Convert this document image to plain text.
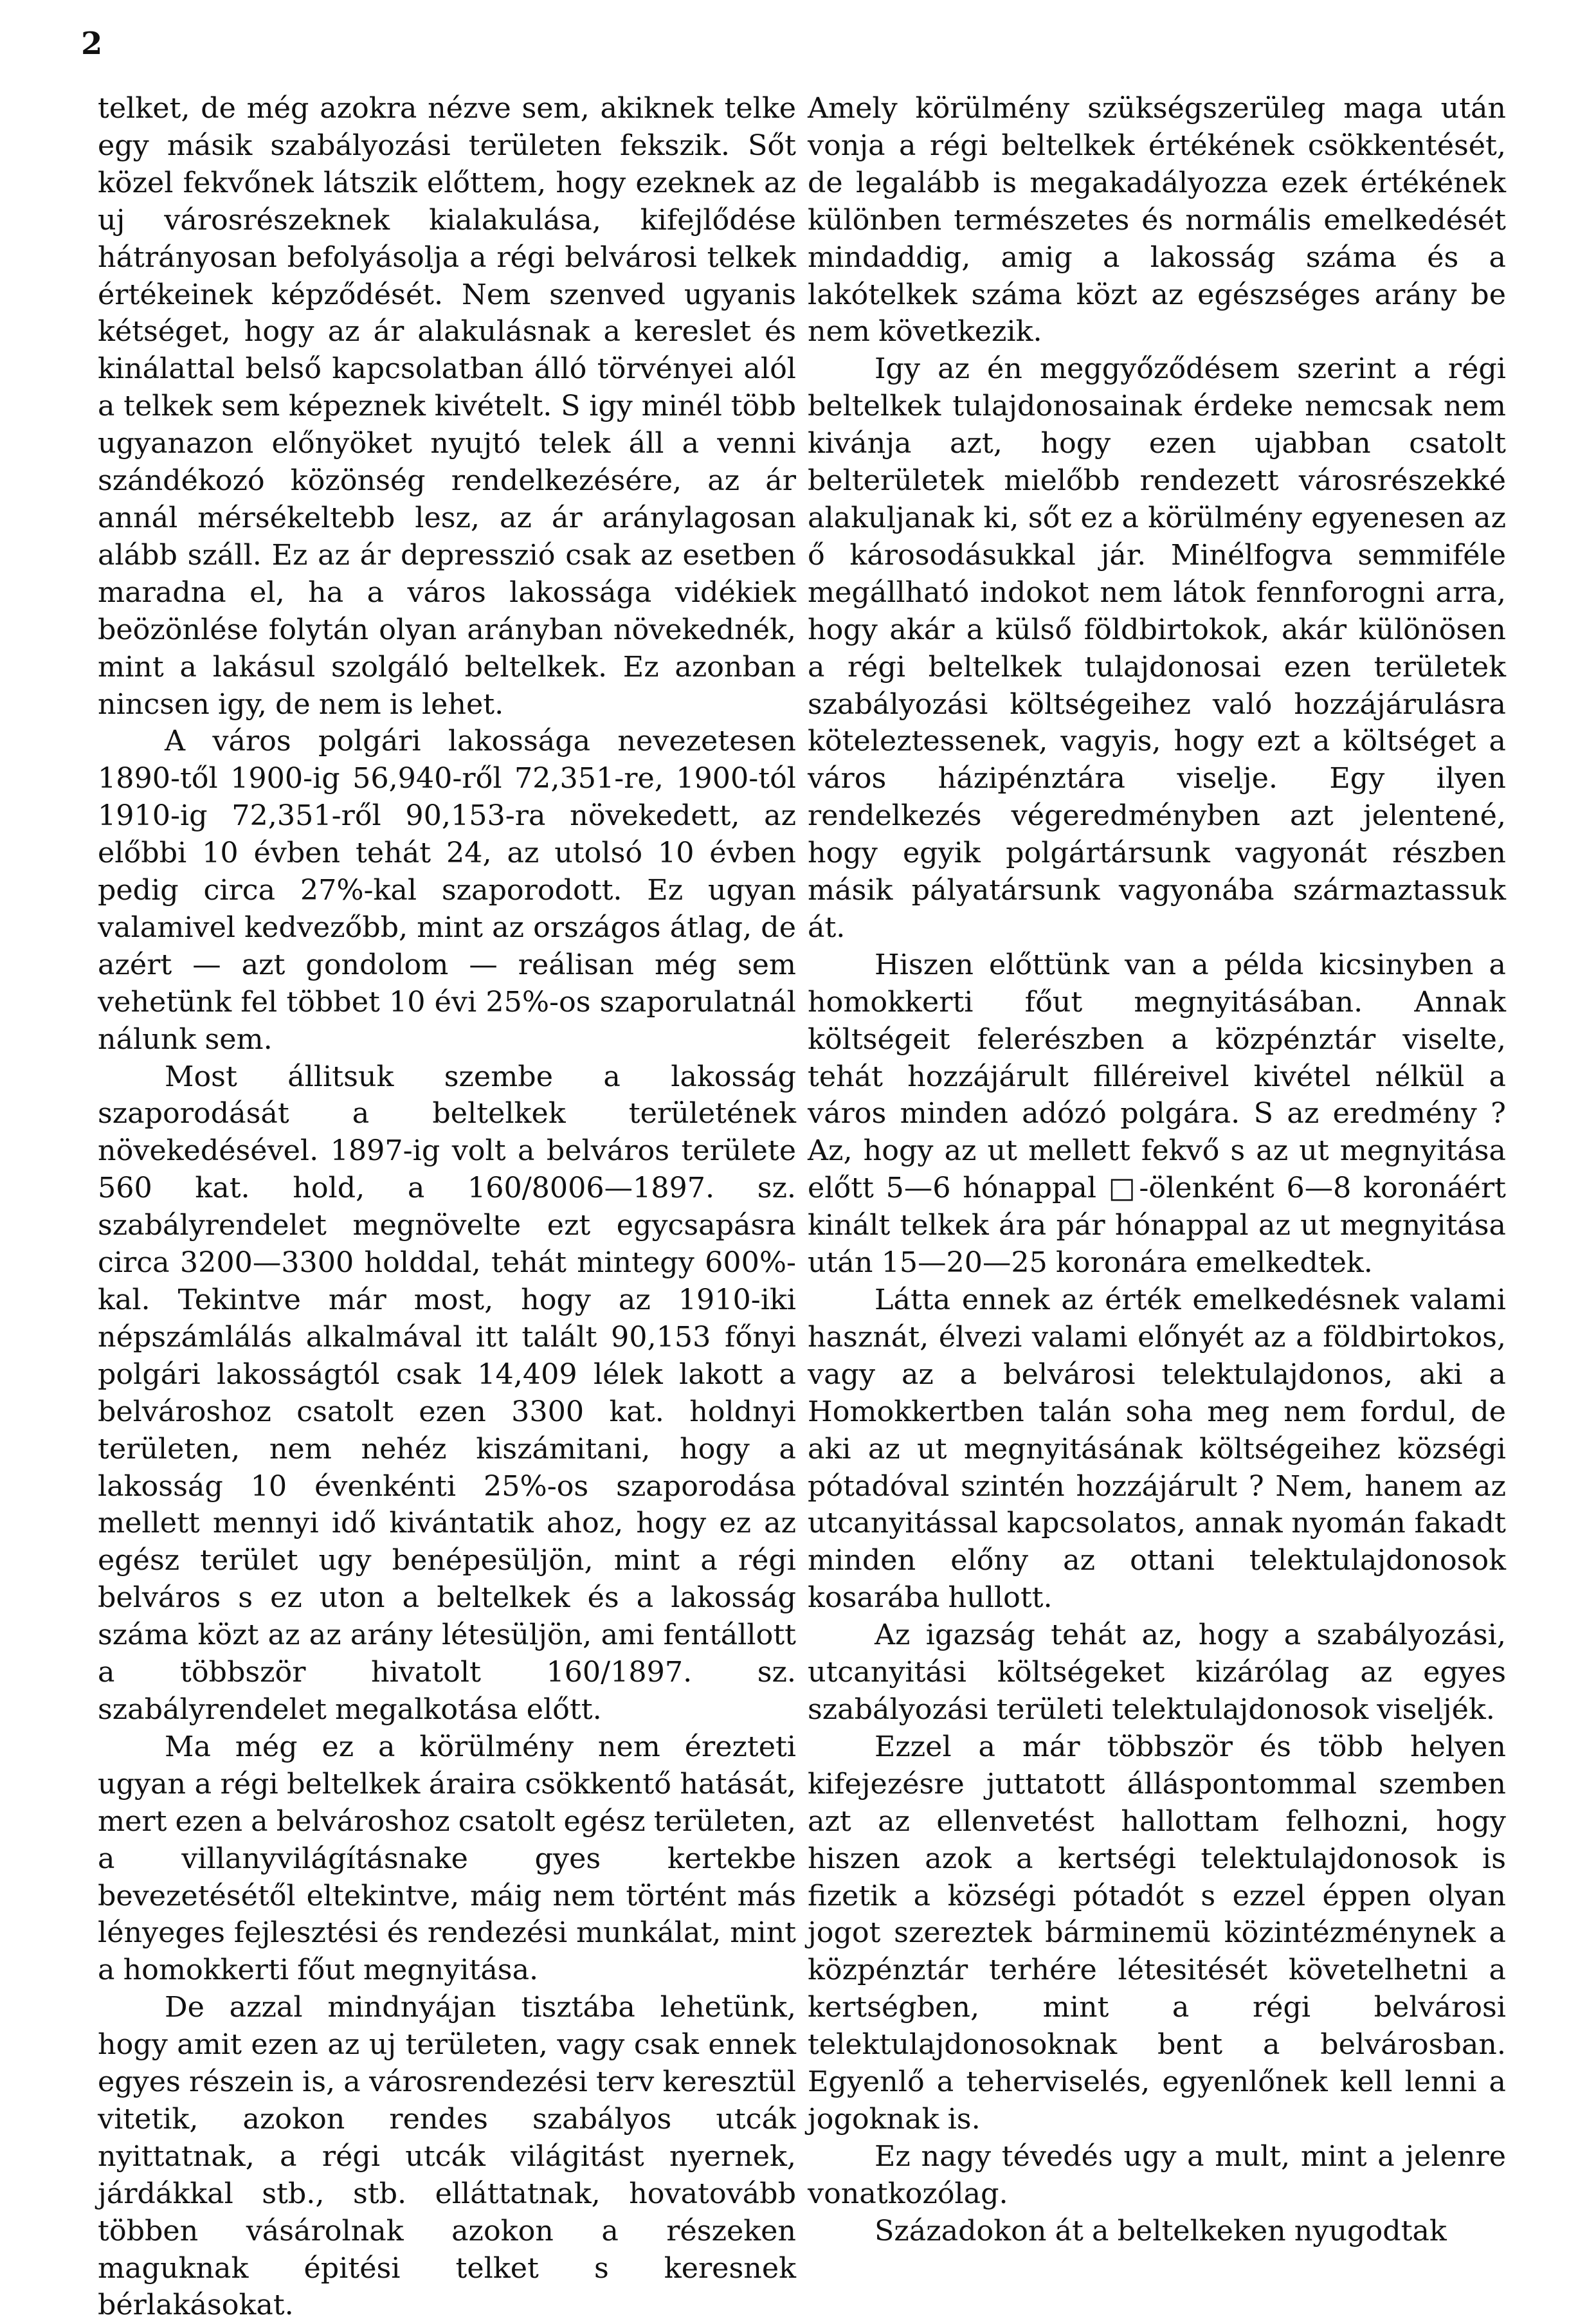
2

telket, de még azokra nézve sem, akiknek telke egy másik szabályozási területen fekszik. Sőt közel fekvőnek látszik előttem, hogy ezeknek az uj városrészeknek kialakulása, kifejlődése hátrányosan befolyásolja a régi belvárosi telkek értékeinek képződését. Nem szenved ugyanis kétséget, hogy az ár alakulásnak a kereslet és kinálattal belső kapcsolatban álló törvényei alól a telkek sem képeznek kivételt. S igy minél több ugyanazon előnyöket nyujtó telek áll a venni szándékozó közönség rendelkezésére, az ár annál mérsékeltebb lesz, az ár aránylagosan alább száll. Ez az ár depresszió csak az esetben maradna el, ha a város lakossága vidékiek beözönlése folytán olyan arányban növekednék, mint a lakásul szolgáló beltelkek. Ez azonban nincsen igy, de nem is lehet.

A város polgári lakossága nevezetesen 1890-től 1900-ig 56,940-ről 72,351-re, 1900-tól 1910-ig 72,351-ről 90,153-ra növekedett, az előbbi 10 évben tehát 24, az utolsó 10 évben pedig circa 27%-kal szaporodott. Ez ugyan valamivel kedvezőbb, mint az országos átlag, de azért — azt gondolom — reálisan még sem vehetünk fel többet 10 évi 25%-os szaporulatnál nálunk sem.

Most állitsuk szembe a lakosság szaporodását a beltelkek területének növekedésével. 1897-ig volt a belváros területe 560 kat. hold, a 160/8006—1897. sz. szabályrendelet megnövelte ezt egycsapásra circa 3200—3300 holddal, tehát mintegy 600%-kal. Tekintve már most, hogy az 1910-iki népszámlálás alkalmával itt talált 90,153 főnyi polgári lakosságtól csak 14,409 lélek lakott a belvároshoz csatolt ezen 3300 kat. holdnyi területen, nem nehéz kiszámitani, hogy a lakosság 10 évenkénti 25%-os szaporodása mellett mennyi idő kivántatik ahoz, hogy ez az egész terület ugy benépesüljön, mint a régi belváros s ez uton a beltelkek és a lakosság száma közt az az arány létesüljön, ami fentállott a többször hivatolt 160/1897. sz. szabályrendelet megalkotása előtt.

Ma még ez a körülmény nem érezteti ugyan a régi beltelkek áraira csökkentő hatását, mert ezen a belvároshoz csatolt egész területen, a villanyvilágításnake gyes kertekbe bevezetésétől eltekintve, máig nem történt más lényeges fejlesztési és rendezési munkálat, mint a homokkerti főut megnyitása.

De azzal mindnyájan tisztába lehetünk, hogy amit ezen az uj területen, vagy csak ennek egyes részein is, a városrendezési terv keresztül vitetik, azokon rendes szabályos utcák nyittatnak, a régi utcák világitást nyernek, járdákkal stb., stb. elláttatnak, hovatovább többen vásárolnak azokon a részeken maguknak épitési telket s keresnek bérlakásokat.

Amely körülmény szükségszerüleg maga után vonja a régi beltelkek értékének csökkentését, de legalább is megakadályozza ezek értékének különben természetes és normális emelkedését mindaddig, amig a lakosság száma és a lakótelkek száma közt az egészséges arány be nem következik.

Igy az én meggyőződésem szerint a régi beltelkek tulajdonosainak érdeke nemcsak nem kivánja azt, hogy ezen ujabban csatolt belterületek mielőbb rendezett városrészekké alakuljanak ki, sőt ez a körülmény egyenesen az ő károsodásukkal jár. Minélfogva semmiféle megállható indokot nem látok fennforogni arra, hogy akár a külső földbirtokok, akár különösen a régi beltelkek tulajdonosai ezen területek szabályozási költségeihez való hozzájárulásra köteleztessenek, vagyis, hogy ezt a költséget a város házipénztára viselje. Egy ilyen rendelkezés végeredményben azt jelentené, hogy egyik polgártársunk vagyonát részben másik pályatársunk vagyonába származtassuk át.

Hiszen előttünk van a példa kicsinyben a homokkerti főut megnyitásában. Annak költségeit felerészben a közpénztár viselte, tehát hozzájárult filléreivel kivétel nélkül a város minden adózó polgára. S az eredmény ? Az, hogy az ut mellett fekvő s az ut megnyitása előtt 5—6 hónappal □-ölenként 6—8 koronáért kinált telkek ára pár hónappal az ut megnyitása után 15—20—25 koronára emelkedtek.

Látta ennek az érték emelkedésnek valami hasznát, élvezi valami előnyét az a földbirtokos, vagy az a belvárosi telektulajdonos, aki a Homokkertben talán soha meg nem fordul, de aki az ut megnyitásának költségeihez községi pótadóval szintén hozzájárult ? Nem, hanem az utcanyitással kapcsolatos, annak nyomán fakadt minden előny az ottani telektulajdonosok kosarába hullott.

Az igazság tehát az, hogy a szabályozási, utcanyitási költségeket kizárólag az egyes szabályozási területi telektulajdonosok viseljék.

Ezzel a már többször és több helyen kifejezésre juttatott álláspontommal szemben azt az ellenvetést hallottam felhozni, hogy hiszen azok a kertségi telektulajdonosok is fizetik a községi pótadót s ezzel éppen olyan jogot szereztek bárminemü közintézménynek a közpénztár terhére létesitését követelhetni a kertségben, mint a régi belvárosi telektulajdonosoknak bent a belvárosban. Egyenlő a teherviselés, egyenlőnek kell lenni a jogoknak is.

Ez nagy tévedés ugy a mult, mint a jelenre vonatkozólag.

Századokon át a beltelkeken nyugodtak
